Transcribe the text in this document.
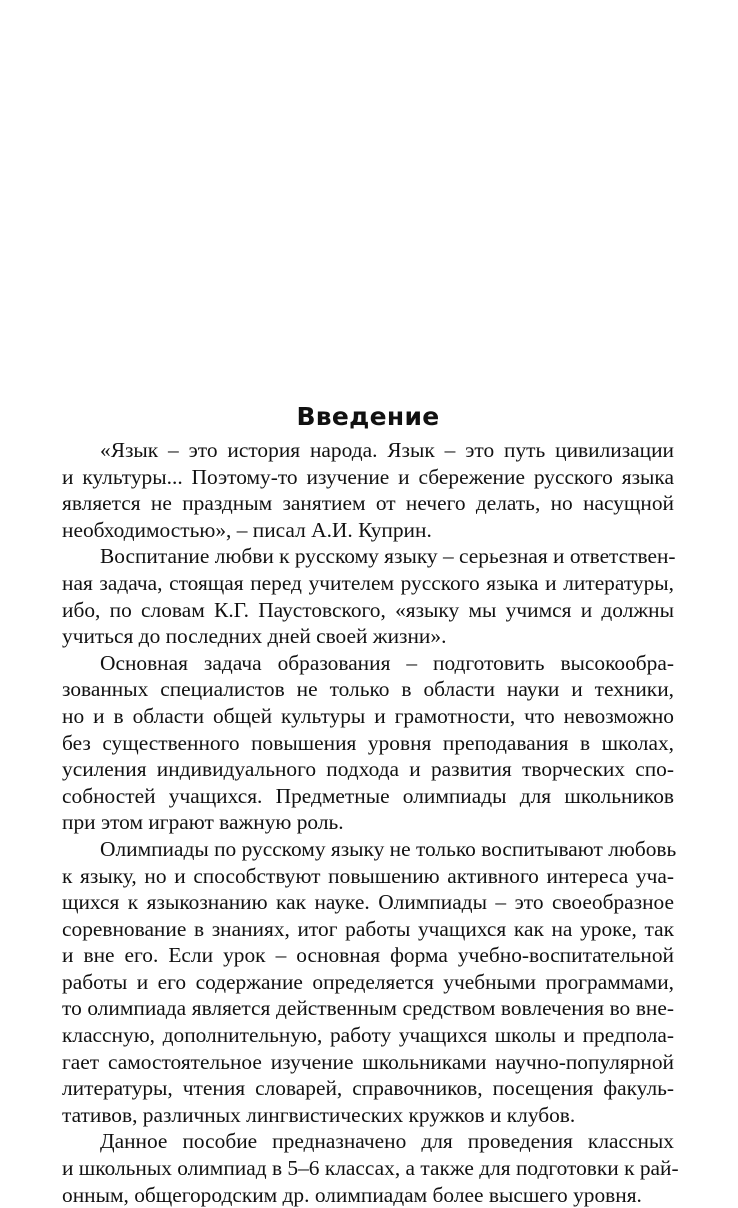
Введение

«Язык – это история народа. Язык – это путь цивилизации
и культуры... Поэтому-то изучение и сбережение русского языка
является не праздным занятием от нечего делать, но насущной
необходимостью», – писал А.И. Куприн.

Воспитание любви к русскому языку – серьезная и ответствен-
ная задача, стоящая перед учителем русского языка и литературы,
ибо, по словам К.Г. Паустовского, «языку мы учимся и должны
учиться до последних дней своей жизни».

Основная задача образования – подготовить высокообра-
зованных специалистов не только в области науки и техники,
но и в области общей культуры и грамотности, что невозможно
без существенного повышения уровня преподавания в школах,
усиления индивидуального подхода и развития творческих спо-
собностей учащихся. Предметные олимпиады для школьников
при этом играют важную роль.

Олимпиады по русскому языку не только воспитывают любовь
к языку, но и способствуют повышению активного интереса уча-
щихся к языкознанию как науке. Олимпиады – это своеобразное
соревнование в знаниях, итог работы учащихся как на уроке, так
и вне его. Если урок – основная форма учебно-воспитательной
работы и его содержание определяется учебными программами,
то олимпиада является действенным средством вовлечения во вне-
классную, дополнительную, работу учащихся школы и предпола-
гает самостоятельное изучение школьниками научно-популярной
литературы, чтения словарей, справочников, посещения факуль-
тативов, различных лингвистических кружков и клубов.

Данное пособие предназначено для проведения классных
и школьных олимпиад в 5–6 классах, а также для подготовки к рай-
онным, общегородским др. олимпиадам более высшего уровня.
